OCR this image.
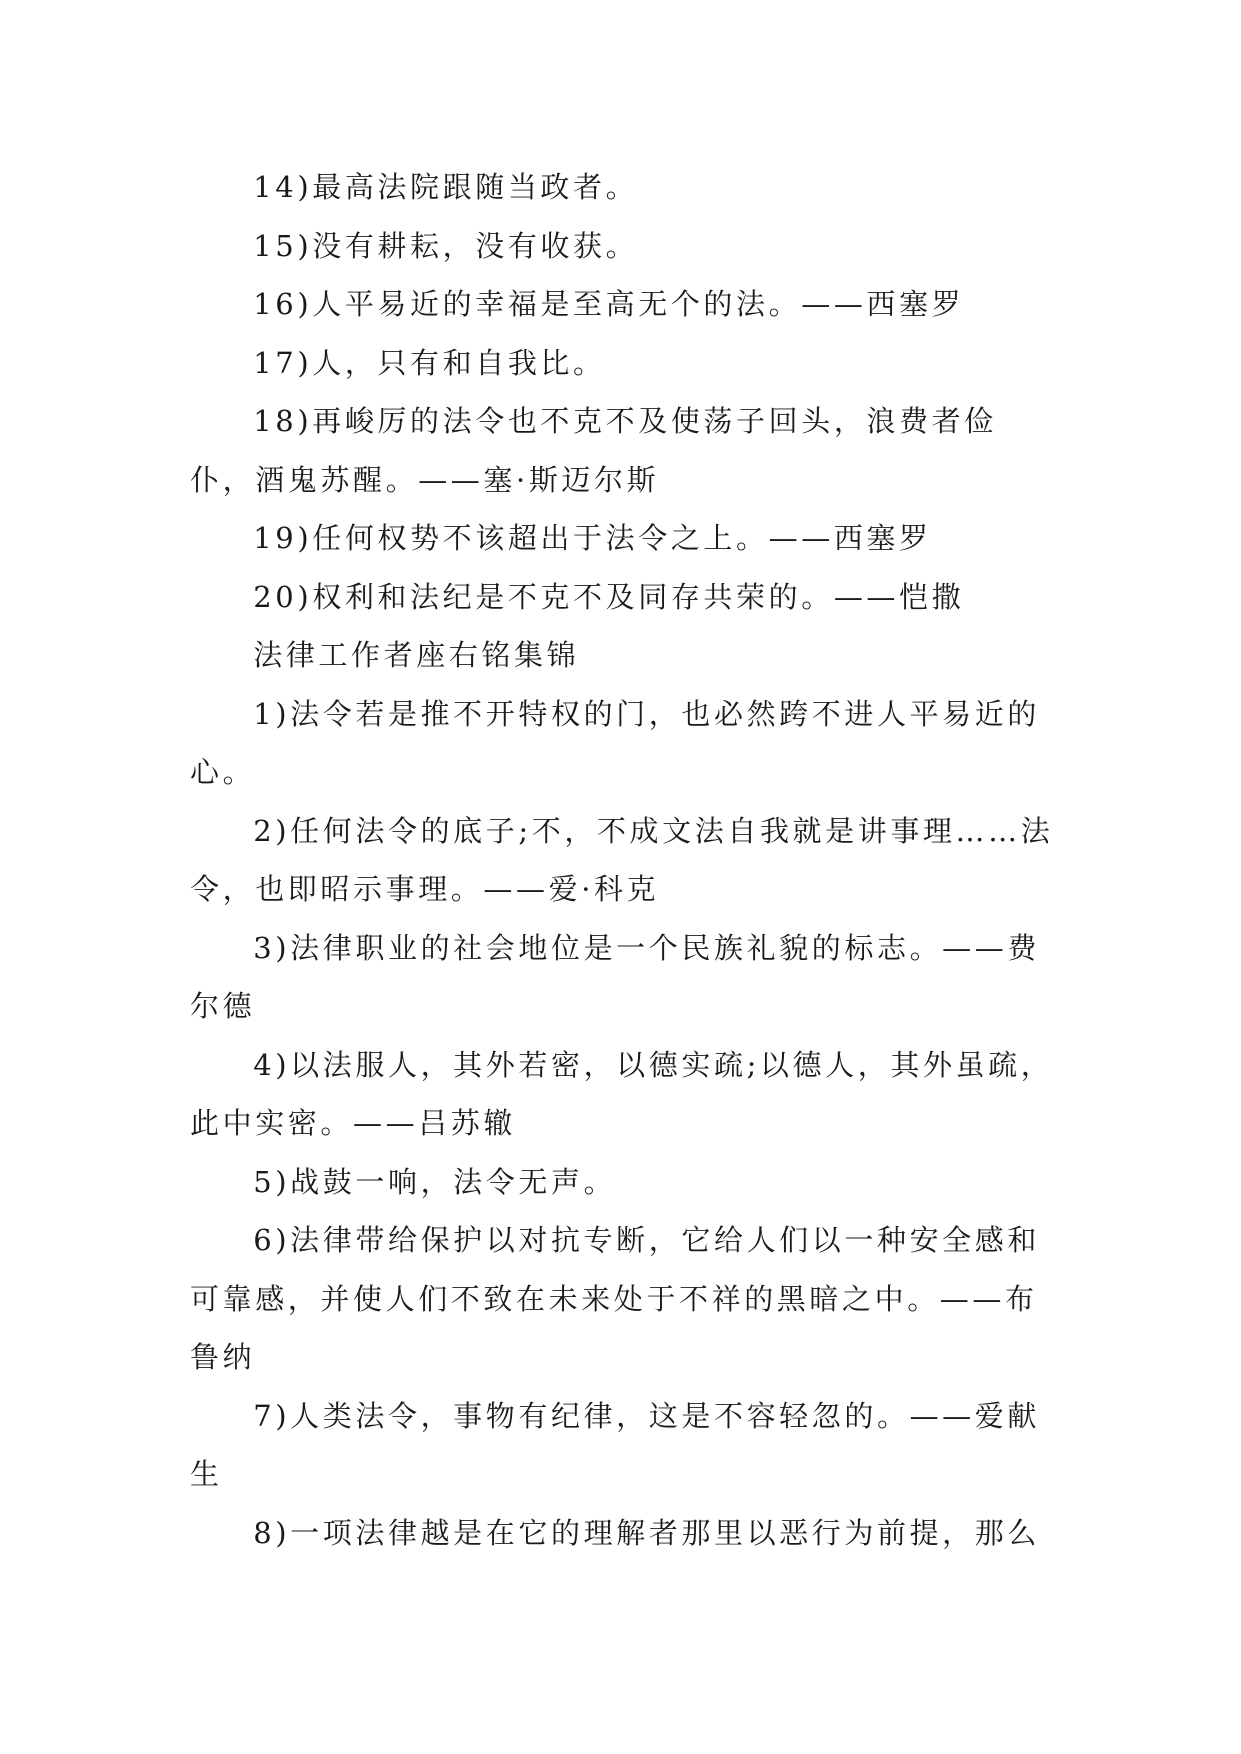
14)最高法院跟随当政者。

15)没有耕耘，没有收获。

16)人平易近的幸福是至高无个的法。——西塞罗

17)人，只有和自我比。

18)再峻厉的法令也不克不及使荡子回头，浪费者俭仆，酒鬼苏醒。——塞·斯迈尔斯

19)任何权势不该超出于法令之上。——西塞罗

20)权利和法纪是不克不及同存共荣的。——恺撒

法律工作者座右铭集锦

1)法令若是推不开特权的门，也必然跨不进人平易近的心。

2)任何法令的底子;不，不成文法自我就是讲事理……法令，也即昭示事理。——爱·科克

3)法律职业的社会地位是一个民族礼貌的标志。——费尔德

4)以法服人，其外若密，以德实疏;以德人，其外虽疏，此中实密。——吕苏辙

5)战鼓一响，法令无声。

6)法律带给保护以对抗专断，它给人们以一种安全感和可靠感，并使人们不致在未来处于不祥的黑暗之中。——布鲁纳

7)人类法令，事物有纪律，这是不容轻忽的。——爱献生

8)一项法律越是在它的理解者那里以恶行为前提，那么
